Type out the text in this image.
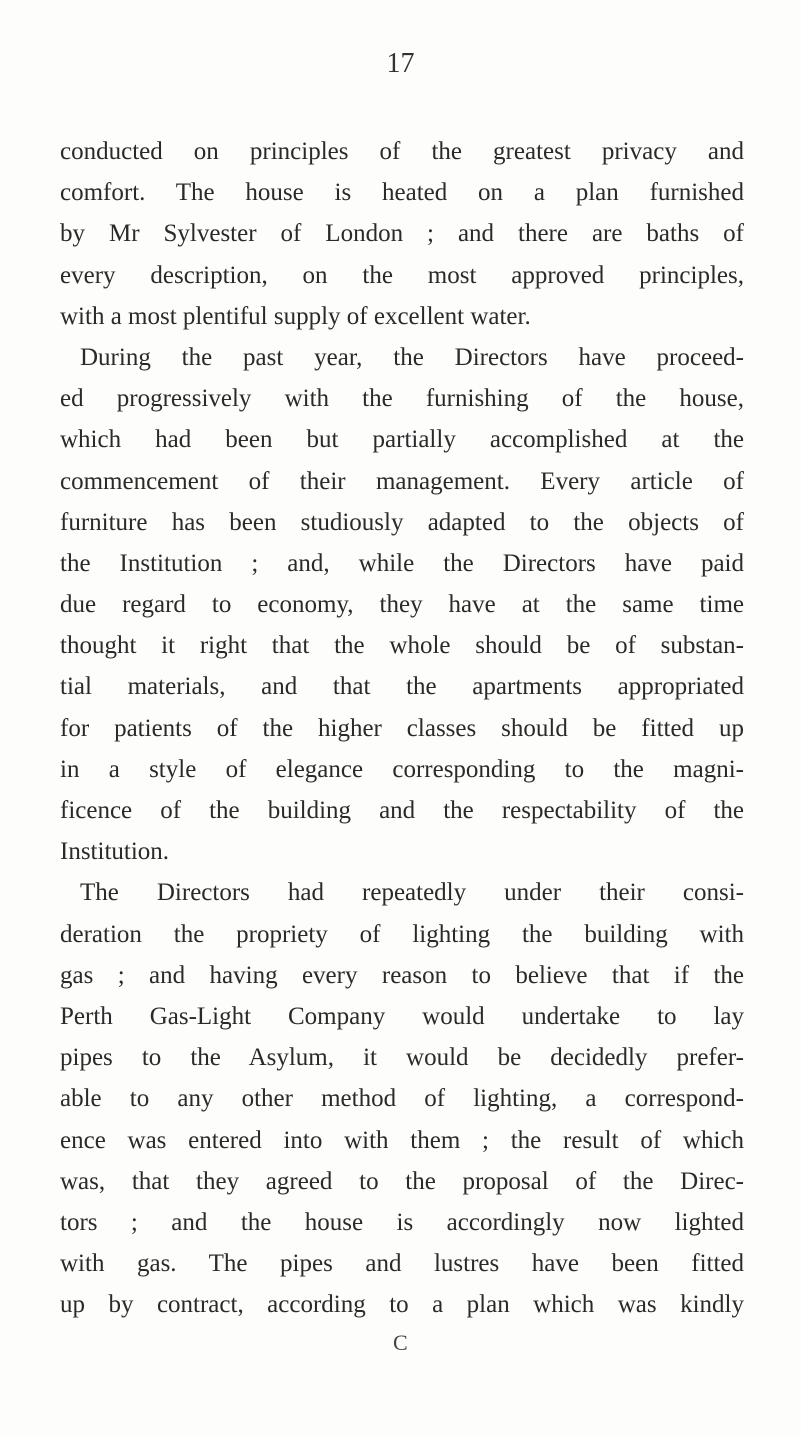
17
conducted on principles of the greatest privacy and
comfort. The house is heated on a plan furnished
by Mr Sylvester of London ; and there are baths of
every description, on the most approved principles,
with a most plentiful supply of excellent water.
During the past year, the Directors have proceed-
ed progressively with the furnishing of the house,
which had been but partially accomplished at the
commencement of their management. Every article of
furniture has been studiously adapted to the objects of
the Institution ; and, while the Directors have paid
due regard to economy, they have at the same time
thought it right that the whole should be of substan-
tial materials, and that the apartments appropriated
for patients of the higher classes should be fitted up
in a style of elegance corresponding to the magni-
ficence of the building and the respectability of the
Institution.
The Directors had repeatedly under their consi-
deration the propriety of lighting the building with
gas ; and having every reason to believe that if the
Perth Gas-Light Company would undertake to lay
pipes to the Asylum, it would be decidedly prefer-
able to any other method of lighting, a correspond-
ence was entered into with them ; the result of which
was, that they agreed to the proposal of the Direc-
tors ; and the house is accordingly now lighted
with gas. The pipes and lustres have been fitted
up by contract, according to a plan which was kindly
C
